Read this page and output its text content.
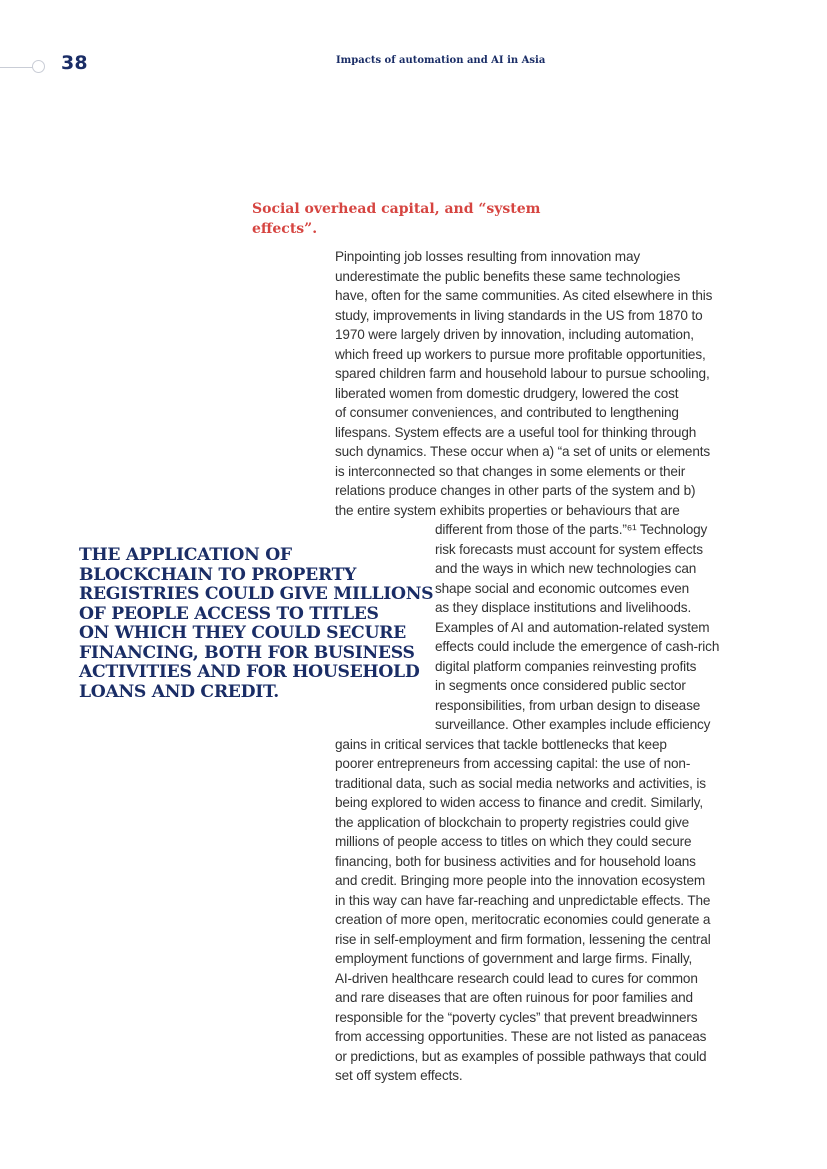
38	Impacts of automation and AI in Asia
Social overhead capital, and “system
effects”.
THE APPLICATION OF
BLOCKCHAIN TO PROPERTY
REGISTRIES COULD GIVE MILLIONS
OF PEOPLE ACCESS TO TITLES
ON WHICH THEY COULD SECURE
FINANCING, BOTH FOR BUSINESS
ACTIVITIES AND FOR HOUSEHOLD
LOANS AND CREDIT.
Pinpointing job losses resulting from innovation may
underestimate the public benefits these same technologies
have, often for the same communities. As cited elsewhere in this
study, improvements in living standards in the US from 1870 to
1970 were largely driven by innovation, including automation,
which freed up workers to pursue more profitable opportunities,
spared children farm and household labour to pursue schooling,
liberated women from domestic drudgery, lowered the cost
of consumer conveniences, and contributed to lengthening
lifespans. System effects are a useful tool for thinking through
such dynamics. These occur when a) “a set of units or elements
is interconnected so that changes in some elements or their
relations produce changes in other parts of the system and b)
the entire system exhibits properties or behaviours that are
different from those of the parts.”⁶¹ Technology
risk forecasts must account for system effects
and the ways in which new technologies can
shape social and economic outcomes even
as they displace institutions and livelihoods.
Examples of AI and automation-related system
effects could include the emergence of cash-rich
digital platform companies reinvesting profits
in segments once considered public sector
responsibilities, from urban design to disease
surveillance. Other examples include efficiency
gains in critical services that tackle bottlenecks that keep
poorer entrepreneurs from accessing capital: the use of non-
traditional data, such as social media networks and activities, is
being explored to widen access to finance and credit. Similarly,
the application of blockchain to property registries could give
millions of people access to titles on which they could secure
financing, both for business activities and for household loans
and credit. Bringing more people into the innovation ecosystem
in this way can have far-reaching and unpredictable effects. The
creation of more open, meritocratic economies could generate a
rise in self-employment and firm formation, lessening the central
employment functions of government and large firms. Finally,
AI-driven healthcare research could lead to cures for common
and rare diseases that are often ruinous for poor families and
responsible for the “poverty cycles” that prevent breadwinners
from accessing opportunities. These are not listed as panaceas
or predictions, but as examples of possible pathways that could
set off system effects.
